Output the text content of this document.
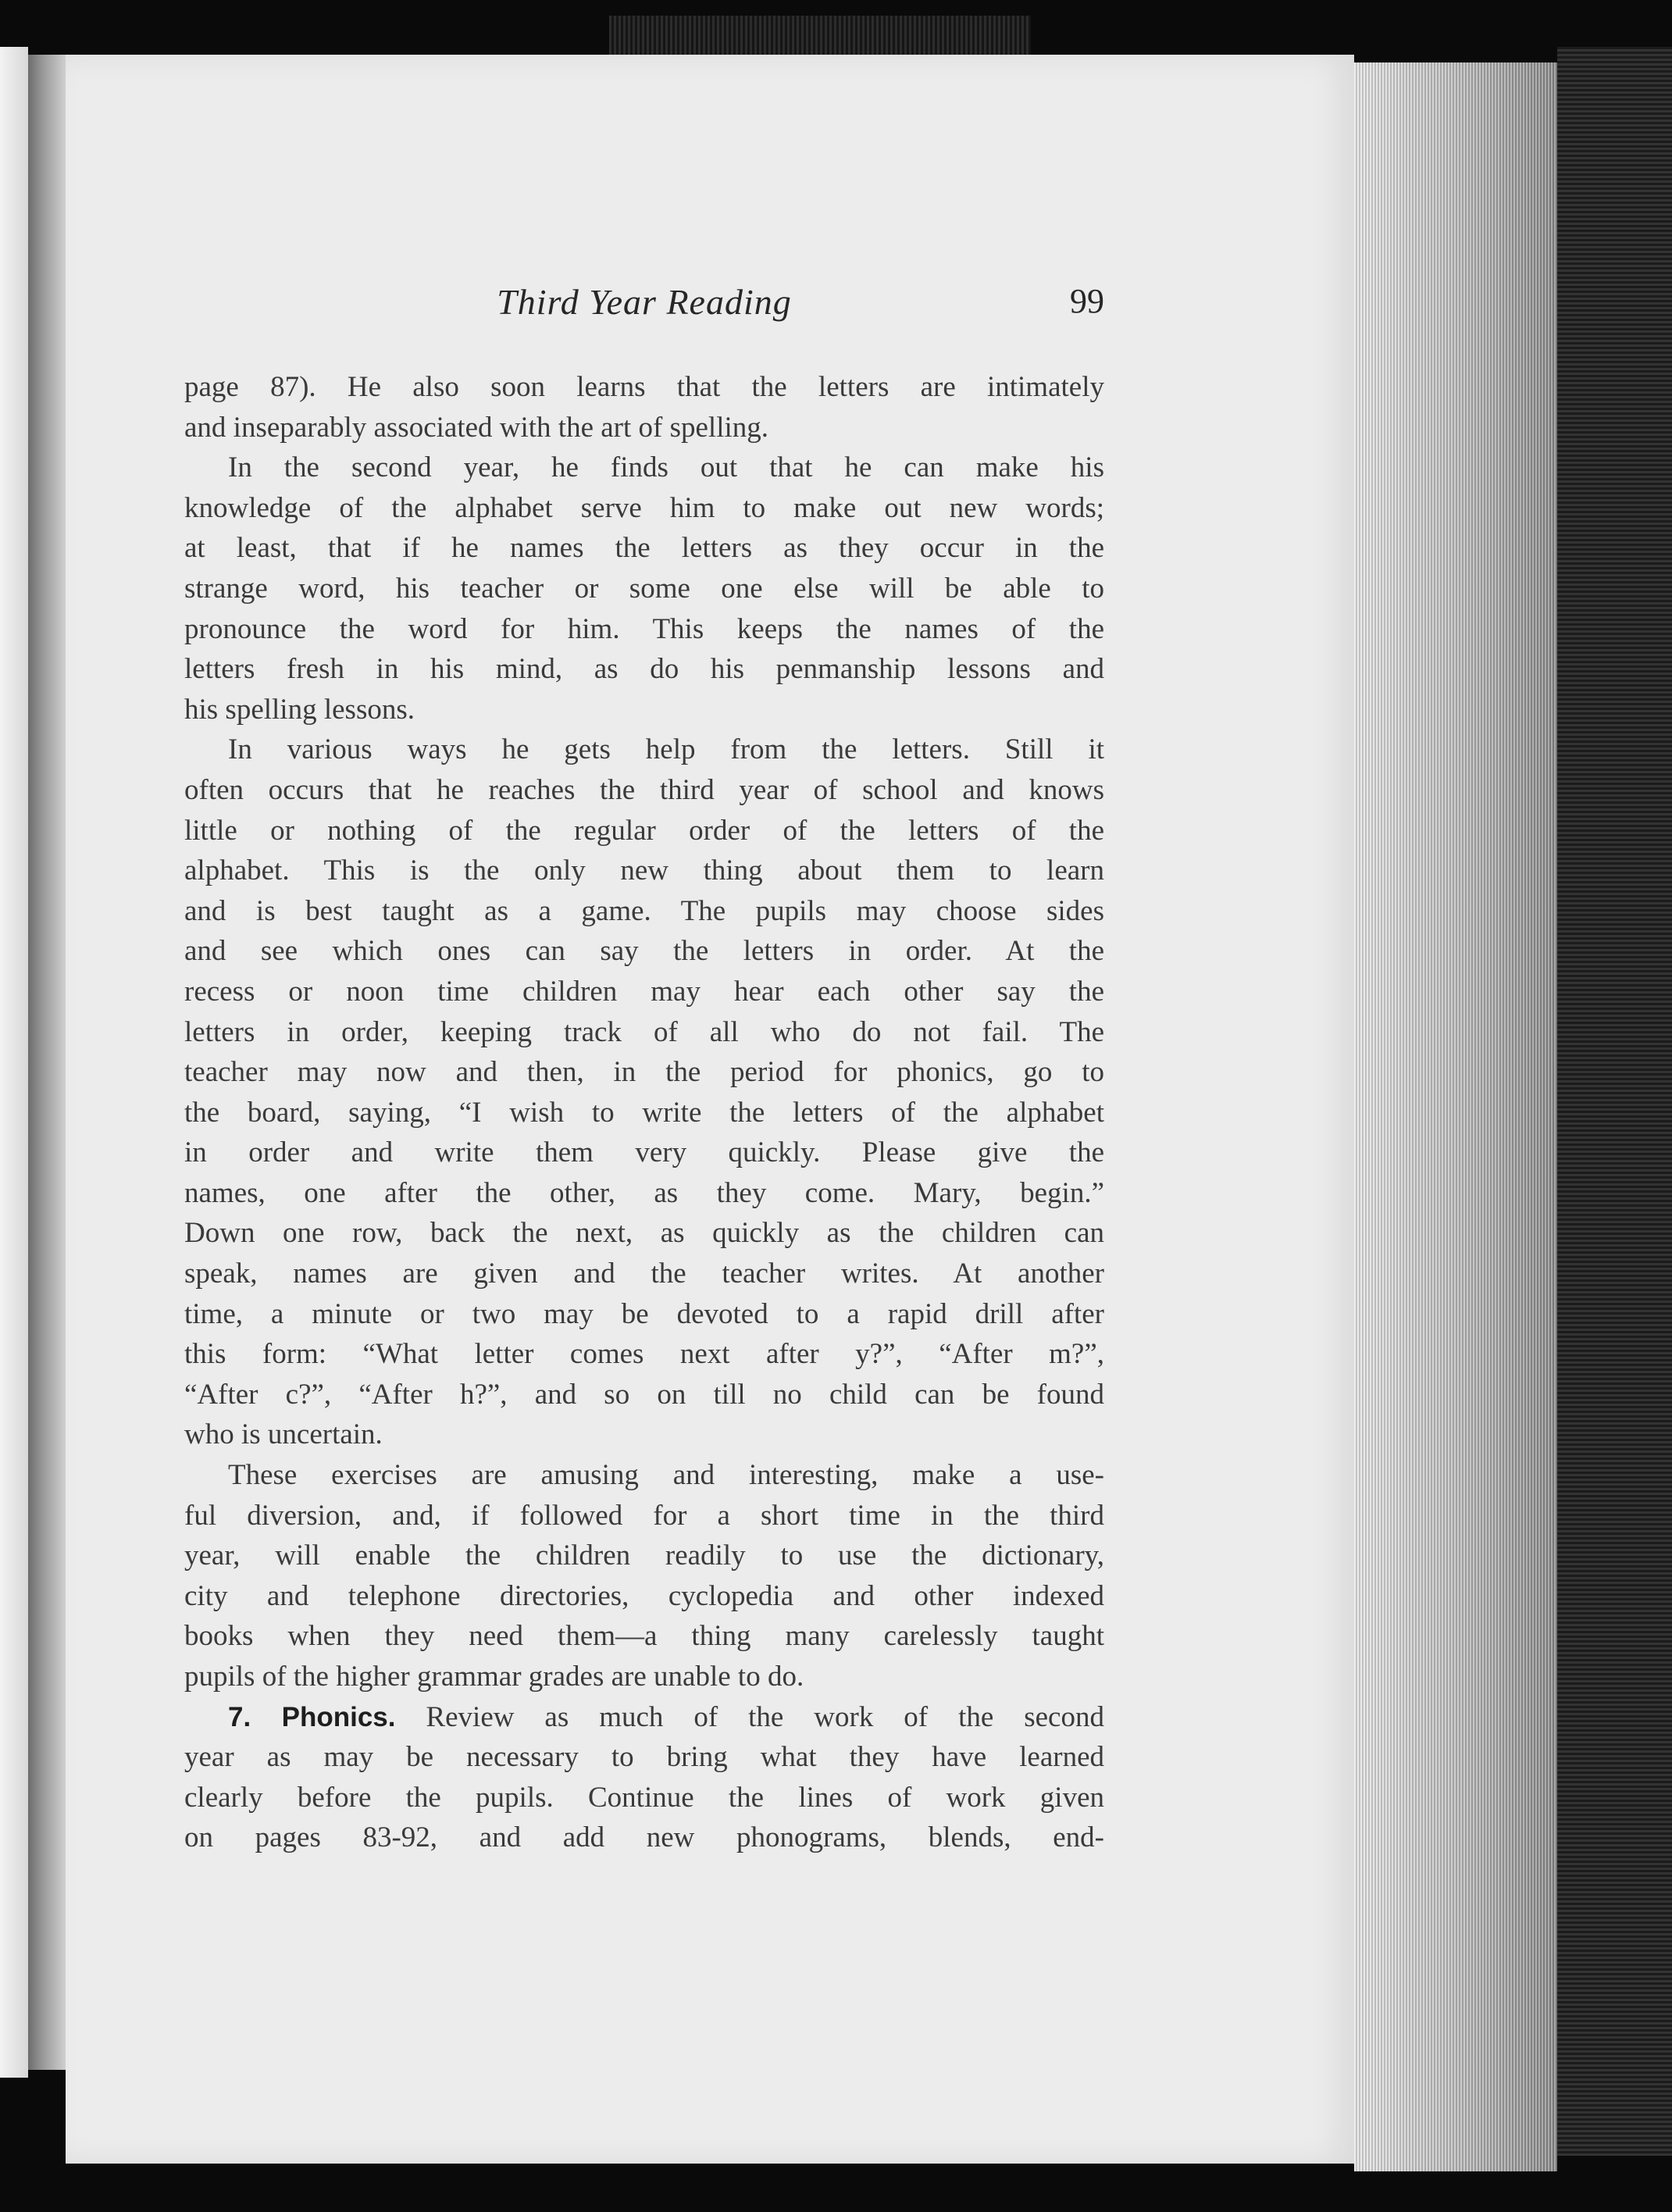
Third Year Reading	99
page 87). He also soon learns that the letters are intimately
and inseparably associated with the art of spelling.
In the second year, he finds out that he can make his
knowledge of the alphabet serve him to make out new words;
at least, that if he names the letters as they occur in the
strange word, his teacher or some one else will be able to
pronounce the word for him. This keeps the names of the
letters fresh in his mind, as do his penmanship lessons and
his spelling lessons.
In various ways he gets help from the letters. Still it
often occurs that he reaches the third year of school and knows
little or nothing of the regular order of the letters of the
alphabet. This is the only new thing about them to learn
and is best taught as a game. The pupils may choose sides
and see which ones can say the letters in order. At the
recess or noon time children may hear each other say the
letters in order, keeping track of all who do not fail. The
teacher may now and then, in the period for phonics, go to
the board, saying, “I wish to write the letters of the alphabet
in order and write them very quickly. Please give the
names, one after the other, as they come. Mary, begin.”
Down one row, back the next, as quickly as the children can
speak, names are given and the teacher writes. At another
time, a minute or two may be devoted to a rapid drill after
this form: “What letter comes next after y?”, “After m?”,
“After c?”, “After h?”, and so on till no child can be found
who is uncertain.
These exercises are amusing and interesting, make a use-
ful diversion, and, if followed for a short time in the third
year, will enable the children readily to use the dictionary,
city and telephone directories, cyclopedia and other indexed
books when they need them—a thing many carelessly taught
pupils of the higher grammar grades are unable to do.
7. Phonics. Review as much of the work of the second
year as may be necessary to bring what they have learned
clearly before the pupils. Continue the lines of work given
on pages 83-92, and add new phonograms, blends, end-
